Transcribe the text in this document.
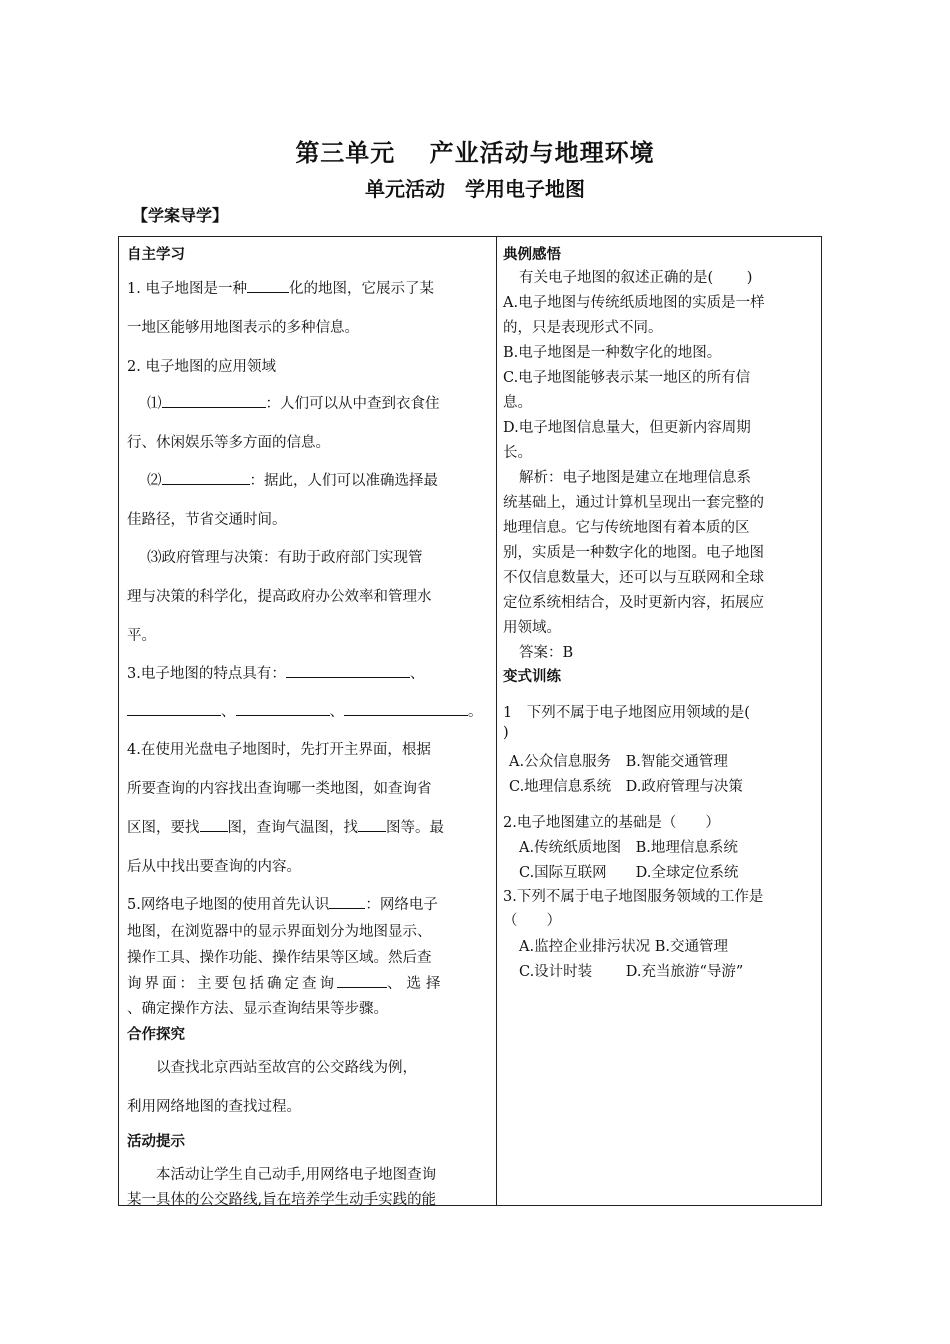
第三单元　 产业活动与地理环境
单元活动　学用电子地图
【学案导学】
自主学习
1. 电子地图是一种	化的地图，它展示了某
一地区能够用地图表示的多种信息。
2. 电子地图的应用领域
⑴	：人们可以从中查到衣食住
行、休闲娱乐等多方面的信息。
⑵	：据此，人们可以准确选择最
佳路径，节省交通时间。
⑶政府管理与决策：有助于政府部门实现管
理与决策的科学化，提高政府办公效率和管理水
平。
3.电子地图的特点具有：	、
、	、	。
4.在使用光盘电子地图时，先打开主界面，根据
所要查询的内容找出查询哪一类地图，如查询省
区图，要找 图，查询气温图，找 图等。最
后从中找出要查询的内容。
5.网络电子地图的使用首先认识 ：网络电子
地图，在浏览器中的显示界面划分为地图显示、
操作工具、操作功能、操作结果等区域。然后查
询界面：主要包括确定查询	、选择
、确定操作方法、显示查询结果等步骤。
合作探究
以查找北京西站至故宫的公交路线为例，
利用网络地图的查找过程。
活动提示
本活动让学生自己动手,用网络电子地图查询
某一具体的公交路线,旨在培养学生动手实践的能
典例感悟
有关电子地图的叙述正确的是(　　 )
A.电子地图与传统纸质地图的实质是一样
的，只是表现形式不同。
B.电子地图是一种数字化的地图。
C.电子地图能够表示某一地区的所有信
息。
D.电子地图信息量大，但更新内容周期
长。
解析：电子地图是建立在地理信息系
统基础上，通过计算机呈现出一套完整的
地理信息。它与传统地图有着本质的区
别，实质是一种数字化的地图。电子地图
不仅信息数量大，还可以与互联网和全球
定位系统相结合，及时更新内容，拓展应
用领域。
答案：B
变式训练
1　下列不属于电子地图应用领域的是(
)
A.公众信息服务　B.智能交通管理
C.地理信息系统　D.政府管理与决策
2.电子地图建立的基础是（　　）
A.传统纸质地图　B.地理信息系统
C.国际互联网　　D.全球定位系统
3.下列不属于电子地图服务领域的工作是
（　　）
A.监控企业排污状况 B.交通管理
C.设计时装　　 D.充当旅游“导游”
